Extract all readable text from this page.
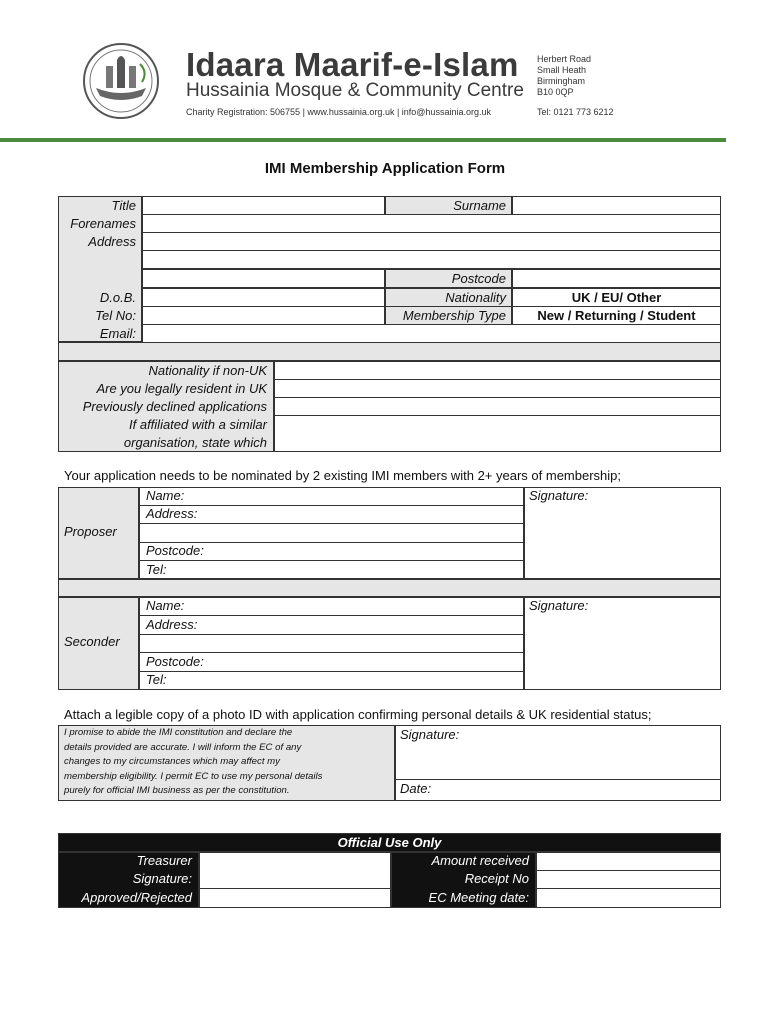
Idaara Maarif-e-Islam
Hussainia Mosque & Community Centre
Charity Registration: 506755 | www.hussainia.org.uk | info@hussainia.org.uk
Herbert Road
Small Heath
Birmingham
B10 0QP
Tel: 0121 773 6212
IMI Membership Application Form
Title
Forenames
Address
D.o.B.
Tel No:
Email:
Surname
Postcode
Nationality	UK / EU/ Other
Membership Type	New / Returning / Student
Nationality if non-UK
Are you legally resident in UK
Previously declined applications
If affiliated with a similar
organisation, state which
Your application needs to be nominated by 2 existing IMI members with 2+ years of membership;
Proposer
Name:
Address:
Postcode:
Tel:
Signature:
Seconder
Name:
Address:
Postcode:
Tel:
Signature:
Attach a legible copy of a photo ID with application confirming personal details & UK residential status;
I promise to abide the IMI constitution and declare the
details provided are accurate. I will inform the EC of any
changes to my circumstances which may affect my
membership eligibility. I permit EC to use my personal details
purely for official IMI business as per the constitution.
Signature:
Date:
Official Use Only
Treasurer
Signature:
Approved/Rejected
Amount received
Receipt No
EC Meeting date:
